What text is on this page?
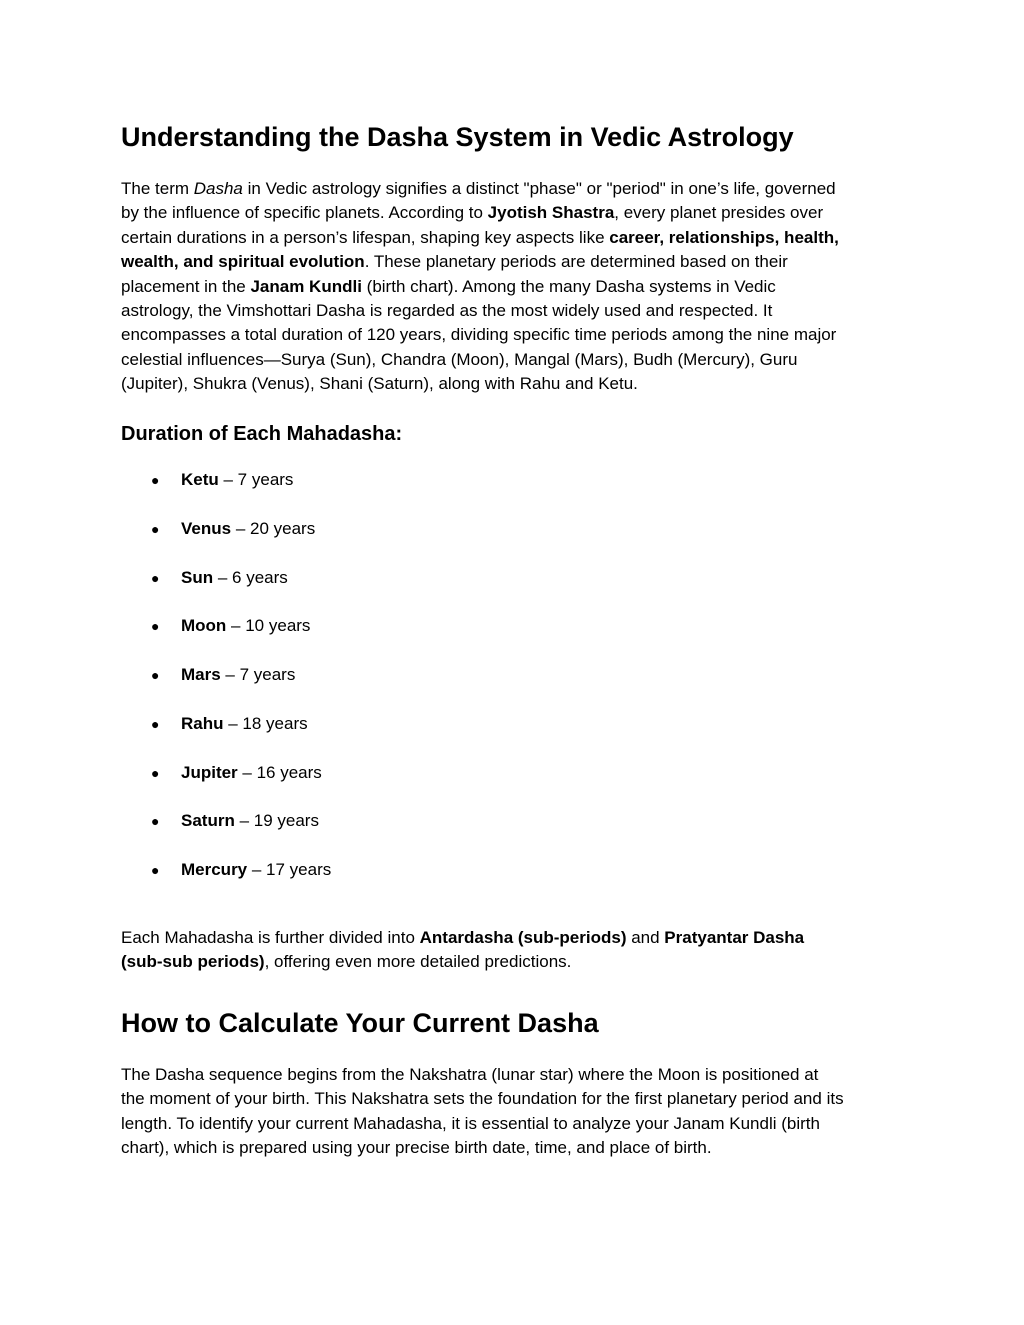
Understanding the Dasha System in Vedic Astrology
The term Dasha in Vedic astrology signifies a distinct "phase" or "period" in one’s life, governed
by the influence of specific planets. According to Jyotish Shastra, every planet presides over
certain durations in a person’s lifespan, shaping key aspects like career, relationships, health,
wealth, and spiritual evolution. These planetary periods are determined based on their
placement in the Janam Kundli (birth chart). Among the many Dasha systems in Vedic
astrology, the Vimshottari Dasha is regarded as the most widely used and respected. It
encompasses a total duration of 120 years, dividing specific time periods among the nine major
celestial influences—Surya (Sun), Chandra (Moon), Mangal (Mars), Budh (Mercury), Guru
(Jupiter), Shukra (Venus), Shani (Saturn), along with Rahu and Ketu.
Duration of Each Mahadasha:
● Ketu – 7 years
● Venus – 20 years
● Sun – 6 years
● Moon – 10 years
● Mars – 7 years
● Rahu – 18 years
● Jupiter – 16 years
● Saturn – 19 years
● Mercury – 17 years
Each Mahadasha is further divided into Antardasha (sub-periods) and Pratyantar Dasha
(sub-sub periods), offering even more detailed predictions.
How to Calculate Your Current Dasha
The Dasha sequence begins from the Nakshatra (lunar star) where the Moon is positioned at
the moment of your birth. This Nakshatra sets the foundation for the first planetary period and its
length. To identify your current Mahadasha, it is essential to analyze your Janam Kundli (birth
chart), which is prepared using your precise birth date, time, and place of birth.
